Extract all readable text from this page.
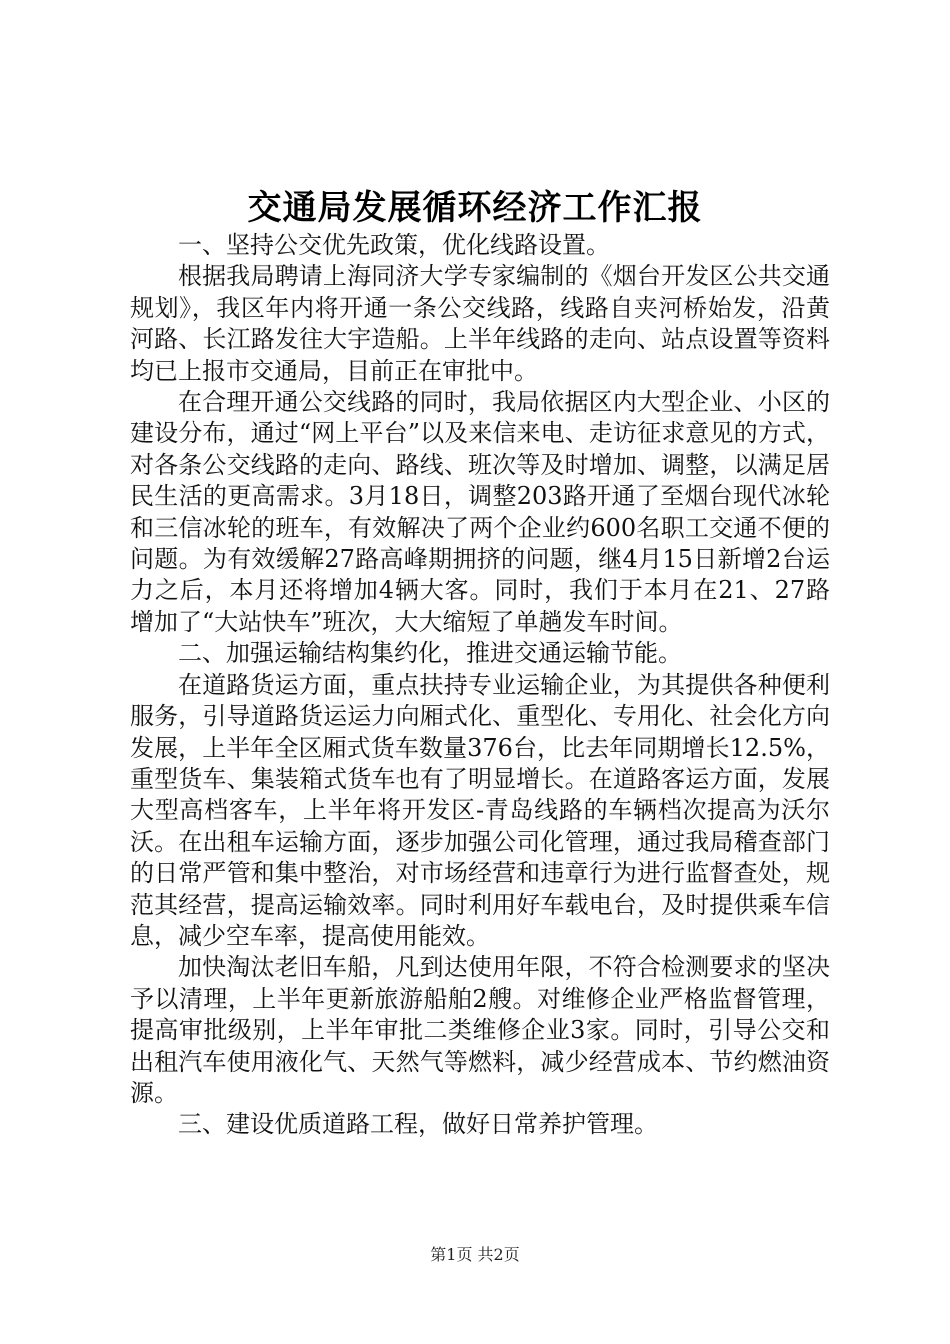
交通局发展循环经济工作汇报

一、坚持公交优先政策，优化线路设置。

根据我局聘请上海同济大学专家编制的《烟台开发区公共交通规划》，我区年内将开通一条公交线路，线路自夹河桥始发，沿黄河路、长江路发往大宇造船。上半年线路的走向、站点设置等资料均已上报市交通局，目前正在审批中。

在合理开通公交线路的同时，我局依据区内大型企业、小区的建设分布，通过“网上平台”以及来信来电、走访征求意见的方式，对各条公交线路的走向、路线、班次等及时增加、调整，以满足居民生活的更高需求。3月18日，调整203路开通了至烟台现代冰轮和三信冰轮的班车，有效解决了两个企业约600名职工交通不便的问题。为有效缓解27路高峰期拥挤的问题，继4月15日新增2台运力之后，本月还将增加4辆大客。同时，我们于本月在21、27路增加了“大站快车”班次，大大缩短了单趟发车时间。

二、加强运输结构集约化，推进交通运输节能。

在道路货运方面，重点扶持专业运输企业，为其提供各种便利服务，引导道路货运运力向厢式化、重型化、专用化、社会化方向发展，上半年全区厢式货车数量376台，比去年同期增长12.5%，重型货车、集装箱式货车也有了明显增长。在道路客运方面，发展大型高档客车，上半年将开发区-青岛线路的车辆档次提高为沃尔沃。在出租车运输方面，逐步加强公司化管理，通过我局稽查部门的日常严管和集中整治，对市场经营和违章行为进行监督查处，规范其经营，提高运输效率。同时利用好车载电台，及时提供乘车信息，减少空车率，提高使用能效。

加快淘汰老旧车船，凡到达使用年限，不符合检测要求的坚决予以清理，上半年更新旅游船舶2艘。对维修企业严格监督管理，提高审批级别，上半年审批二类维修企业3家。同时，引导公交和出租汽车使用液化气、天然气等燃料，减少经营成本、节约燃油资源。

三、建设优质道路工程，做好日常养护管理。

第1页 共2页
